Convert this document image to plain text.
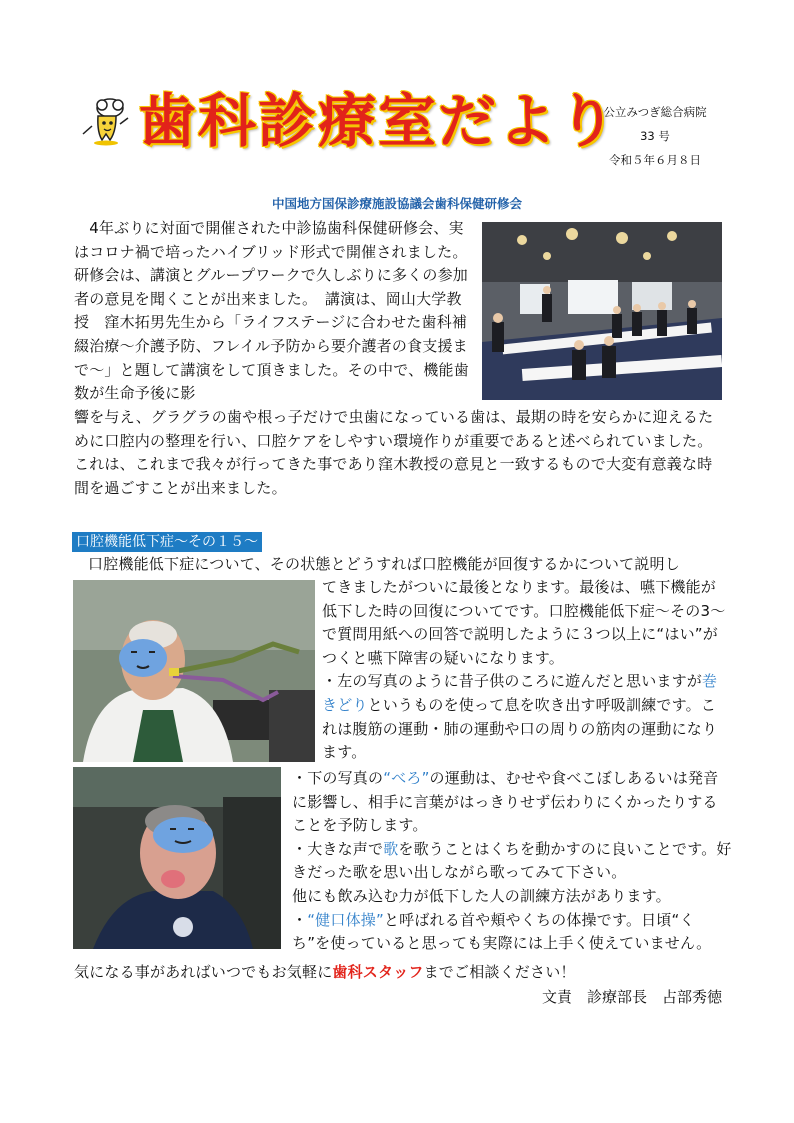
歯科診療室だより
公立みつぎ総合病院
33 号
令和５年６月８日
中国地方国保診療施設協議会歯科保健研修会

　4年ぶりに対面で開催された中診協歯科保健研修会、実はコロナ禍で培ったハイブリッド形式で開催されました。研修会は、講演とグループワークで久しぶりに多くの参加者の意見を聞くことが出来ました。　講演は、岡山大学教授　窪木拓男先生から「ライフステージに合わせた歯科補綴治療～介護予防、フレイル予防から要介護者の食支援まで～」と題して講演をして頂きました。その中で、機能歯数が生命予後に影

響を与え、グラグラの歯や根っ子だけで虫歯になっている歯は、最期の時を安らかに迎えるために口腔内の整理を行い、口腔ケアをしやすい環境作りが重要であると述べられていました。これは、これまで我々が行ってきた事であり窪木教授の意見と一致するもので大変有意義な時間を過ごすことが出来ました。

口腔機能低下症～その１５～

口腔機能低下症について、その状態とどうすれば口腔機能が回復するかについて説明し

てきましたがついに最後となります。最後は、嚥下機能が低下した時の回復についてです。口腔機能低下症～その3～で質問用紙への回答で説明したように３つ以上に“はい”がつくと嚥下障害の疑いになります。
・左の写真のように昔子供のころに遊んだと思いますが巻きどりというものを使って息を吹き出す呼吸訓練です。これは腹筋の運動・肺の運動や口の周りの筋肉の運動になります。

・下の写真の“べろ”の運動は、むせや食べこぼしあるいは発音に影響し、相手に言葉がはっきりせず伝わりにくかったりすることを予防します。
・大きな声で歌を歌うことはくちを動かすのに良いことです。好きだった歌を思い出しながら歌ってみて下さい。
他にも飲み込む力が低下した人の訓練方法があります。
・“健口体操”と呼ばれる首や頬やくちの体操です。日頃“くち”を使っていると思っても実際には上手く使えていません。

気になる事があればいつでもお気軽に歯科スタッフまでご相談ください！

文責　診療部長　占部秀徳
